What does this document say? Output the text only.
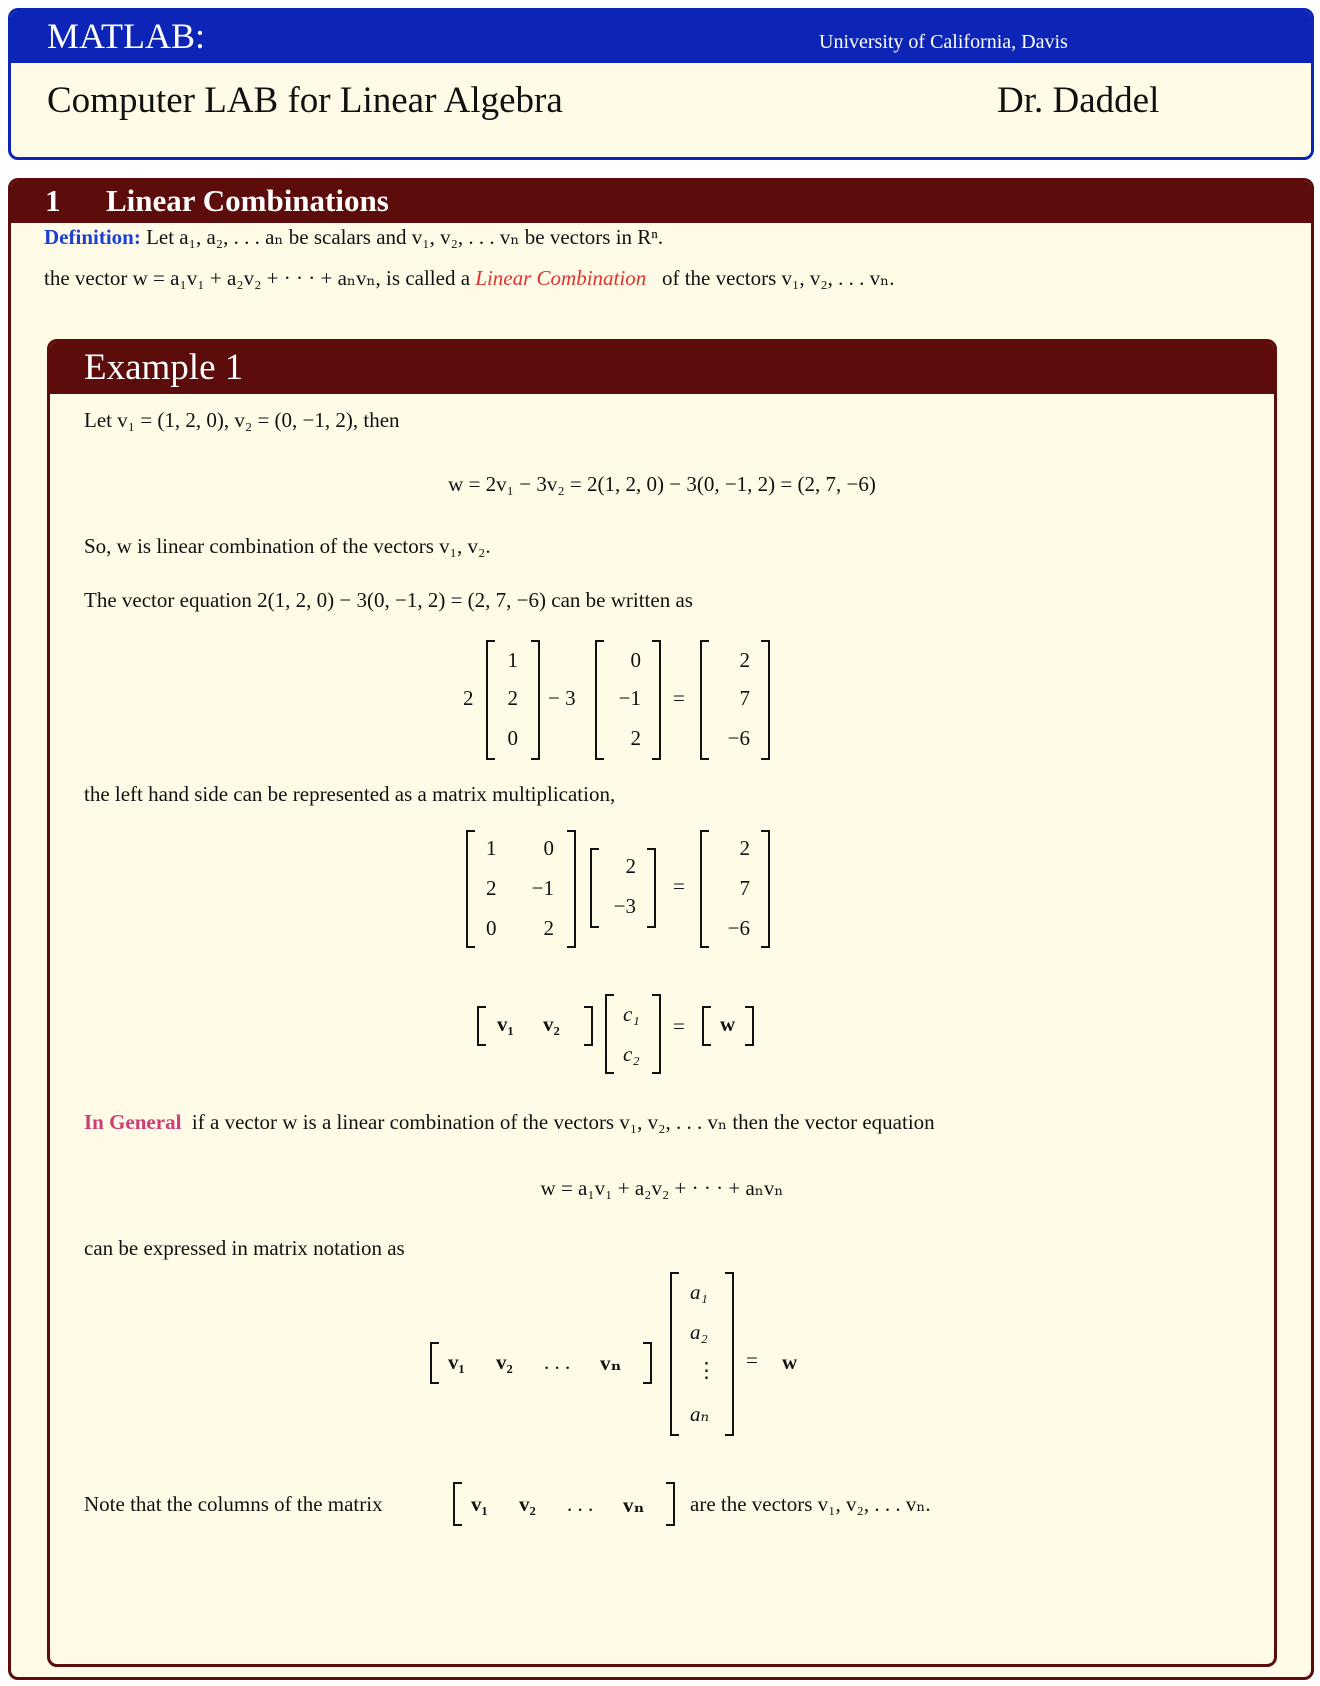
MATLAB:	University of California, Davis
Computer LAB for Linear Algebra	Dr. Daddel
1 Linear Combinations
Definition: Let a₁, a₂, . . . aₙ be scalars and v₁, v₂, . . . vₙ be vectors in Rⁿ.
the vector w = a₁v₁ + a₂v₂ + · · · + aₙvₙ, is called a Linear Combination of the vectors v₁, v₂, . . . vₙ.
Example 1
Let v₁ = (1, 2, 0), v₂ = (0, −1, 2), then
w = 2v₁ − 3v₂ = 2(1, 2, 0) − 3(0, −1, 2) = (2, 7, −6)
So, w is linear combination of the vectors v₁, v₂.
The vector equation 2(1, 2, 0) − 3(0, −1, 2) = (2, 7, −6) can be written as
2
1
2
0
− 3
0
−1
2
=
2
7
−6
the left hand side can be represented as a matrix multiplication,
1 0
2 −1
0 2
2
−3
=
2
7
−6
v₁ v₂	c₁
c₂
= w
In General if a vector w is a linear combination of the vectors v₁, v₂, . . . vₙ then the vector equation
w = a₁v₁ + a₂v₂ + · · · + aₙvₙ
can be expressed in matrix notation as
v₁ v₂ . . . vₙ
a₁
a₂
⋮
aₙ
= w
Note that the columns of the matrix	v₁ v₂ . . . vₙ are the vectors v₁, v₂, . . . vₙ.
